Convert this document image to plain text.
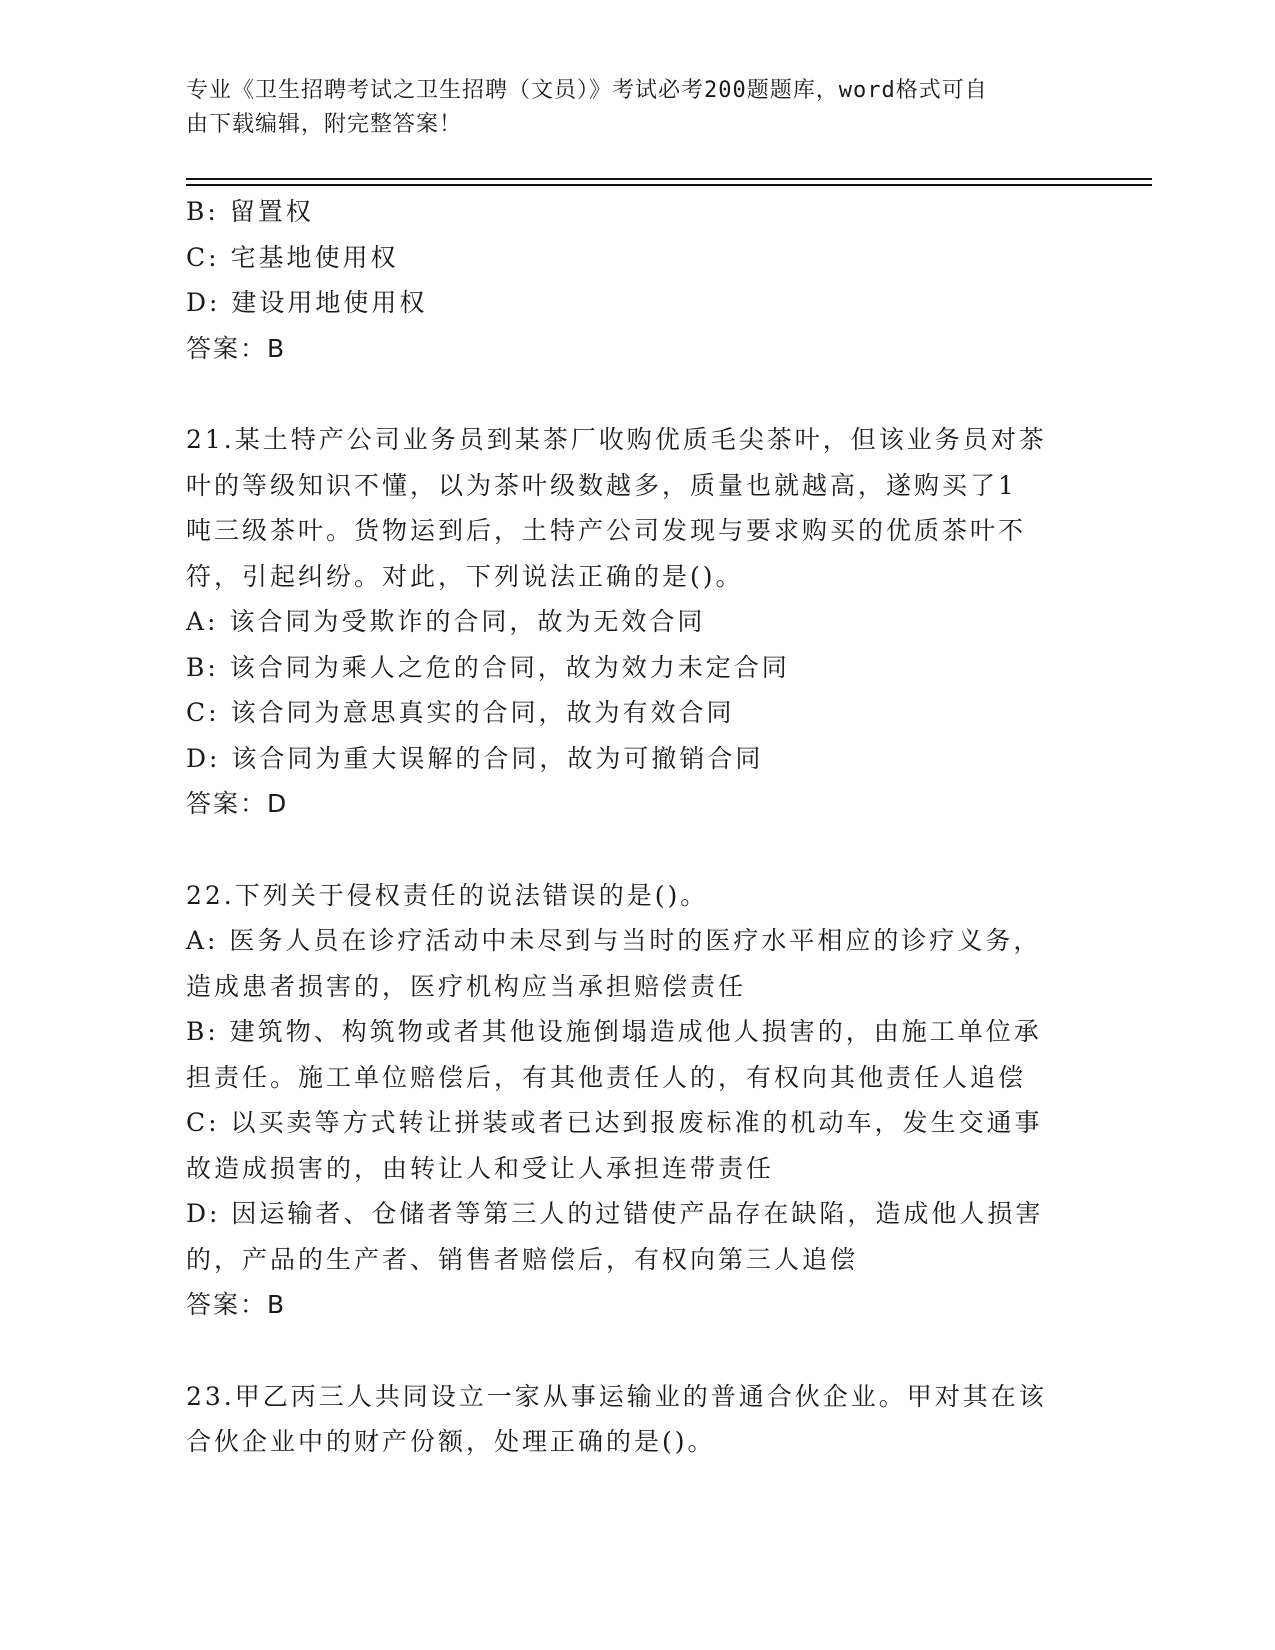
专业《卫生招聘考试之卫生招聘（文员）》考试必考200题题库，word格式可自
由下载编辑，附完整答案！
B: 留置权
C: 宅基地使用权
D: 建设用地使用权
答案：B
21.某土特产公司业务员到某茶厂收购优质毛尖茶叶，但该业务员对茶
叶的等级知识不懂，以为茶叶级数越多，质量也就越高，遂购买了1
吨三级茶叶。货物运到后，土特产公司发现与要求购买的优质茶叶不
符，引起纠纷。对此，下列说法正确的是()。
A: 该合同为受欺诈的合同，故为无效合同
B: 该合同为乘人之危的合同，故为效力未定合同
C: 该合同为意思真实的合同，故为有效合同
D: 该合同为重大误解的合同，故为可撤销合同
答案：D
22.下列关于侵权责任的说法错误的是()。
A: 医务人员在诊疗活动中未尽到与当时的医疗水平相应的诊疗义务，
造成患者损害的，医疗机构应当承担赔偿责任
B: 建筑物、构筑物或者其他设施倒塌造成他人损害的，由施工单位承
担责任。施工单位赔偿后，有其他责任人的，有权向其他责任人追偿
C: 以买卖等方式转让拼装或者已达到报废标准的机动车，发生交通事
故造成损害的，由转让人和受让人承担连带责任
D: 因运输者、仓储者等第三人的过错使产品存在缺陷，造成他人损害
的，产品的生产者、销售者赔偿后，有权向第三人追偿
答案：B
23.甲乙丙三人共同设立一家从事运输业的普通合伙企业。甲对其在该
合伙企业中的财产份额，处理正确的是()。
